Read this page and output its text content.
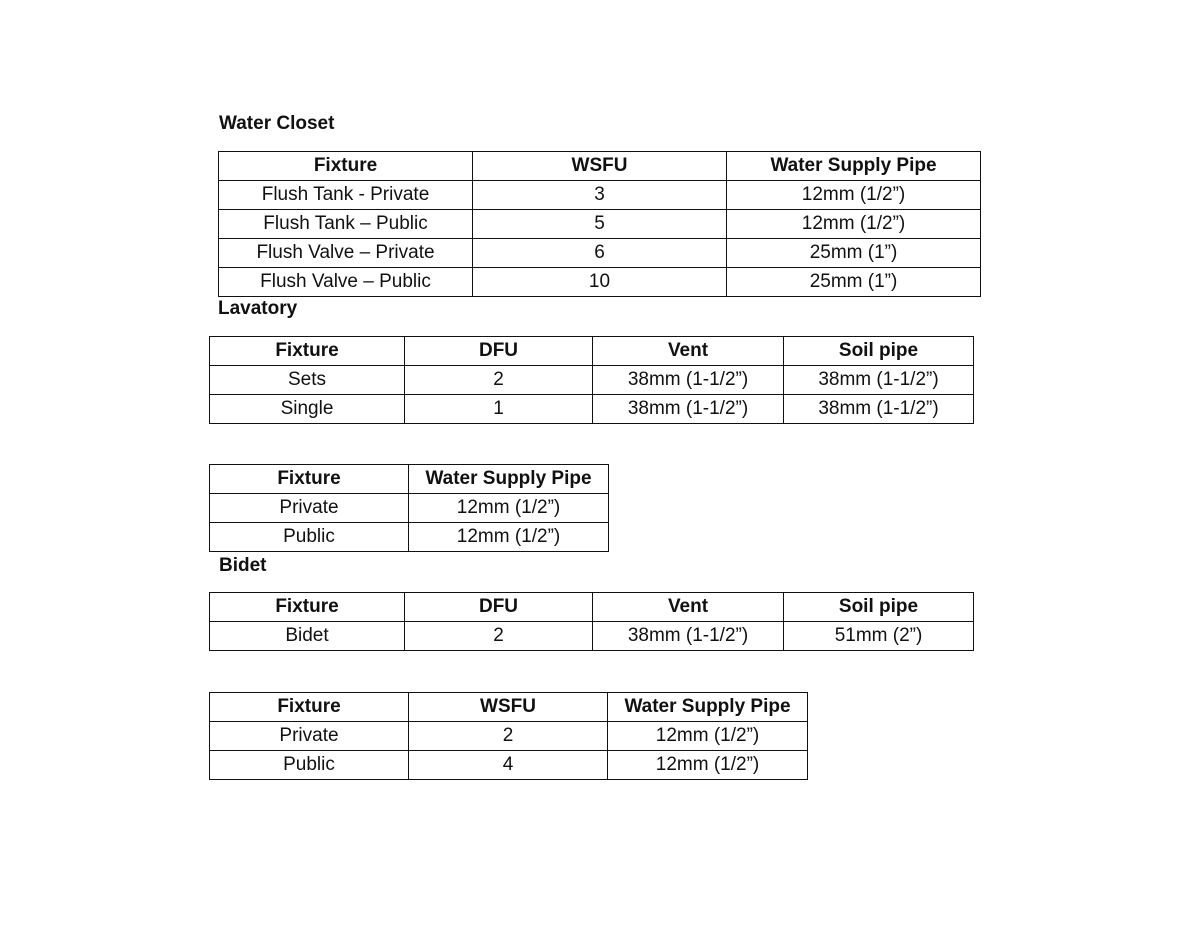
Water Closet
Fixture	WSFU	Water Supply Pipe
Flush Tank - Private	3	12mm (1/2”)
Flush Tank – Public	5	12mm (1/2”)
Flush Valve – Private	6	25mm (1”)
Flush Valve – Public	10	25mm (1”)
Lavatory
Fixture	DFU	Vent	Soil pipe
Sets	2	38mm (1-1/2”)	38mm (1-1/2”)
Single	1	38mm (1-1/2”)	38mm (1-1/2”)
Fixture	Water Supply Pipe
Private	12mm (1/2”)
Public	12mm (1/2”)
Bidet
Fixture	DFU	Vent	Soil pipe
Bidet	2	38mm (1-1/2”)	51mm (2”)
Fixture	WSFU	Water Supply Pipe
Private	2	12mm (1/2”)
Public	4	12mm (1/2”)
